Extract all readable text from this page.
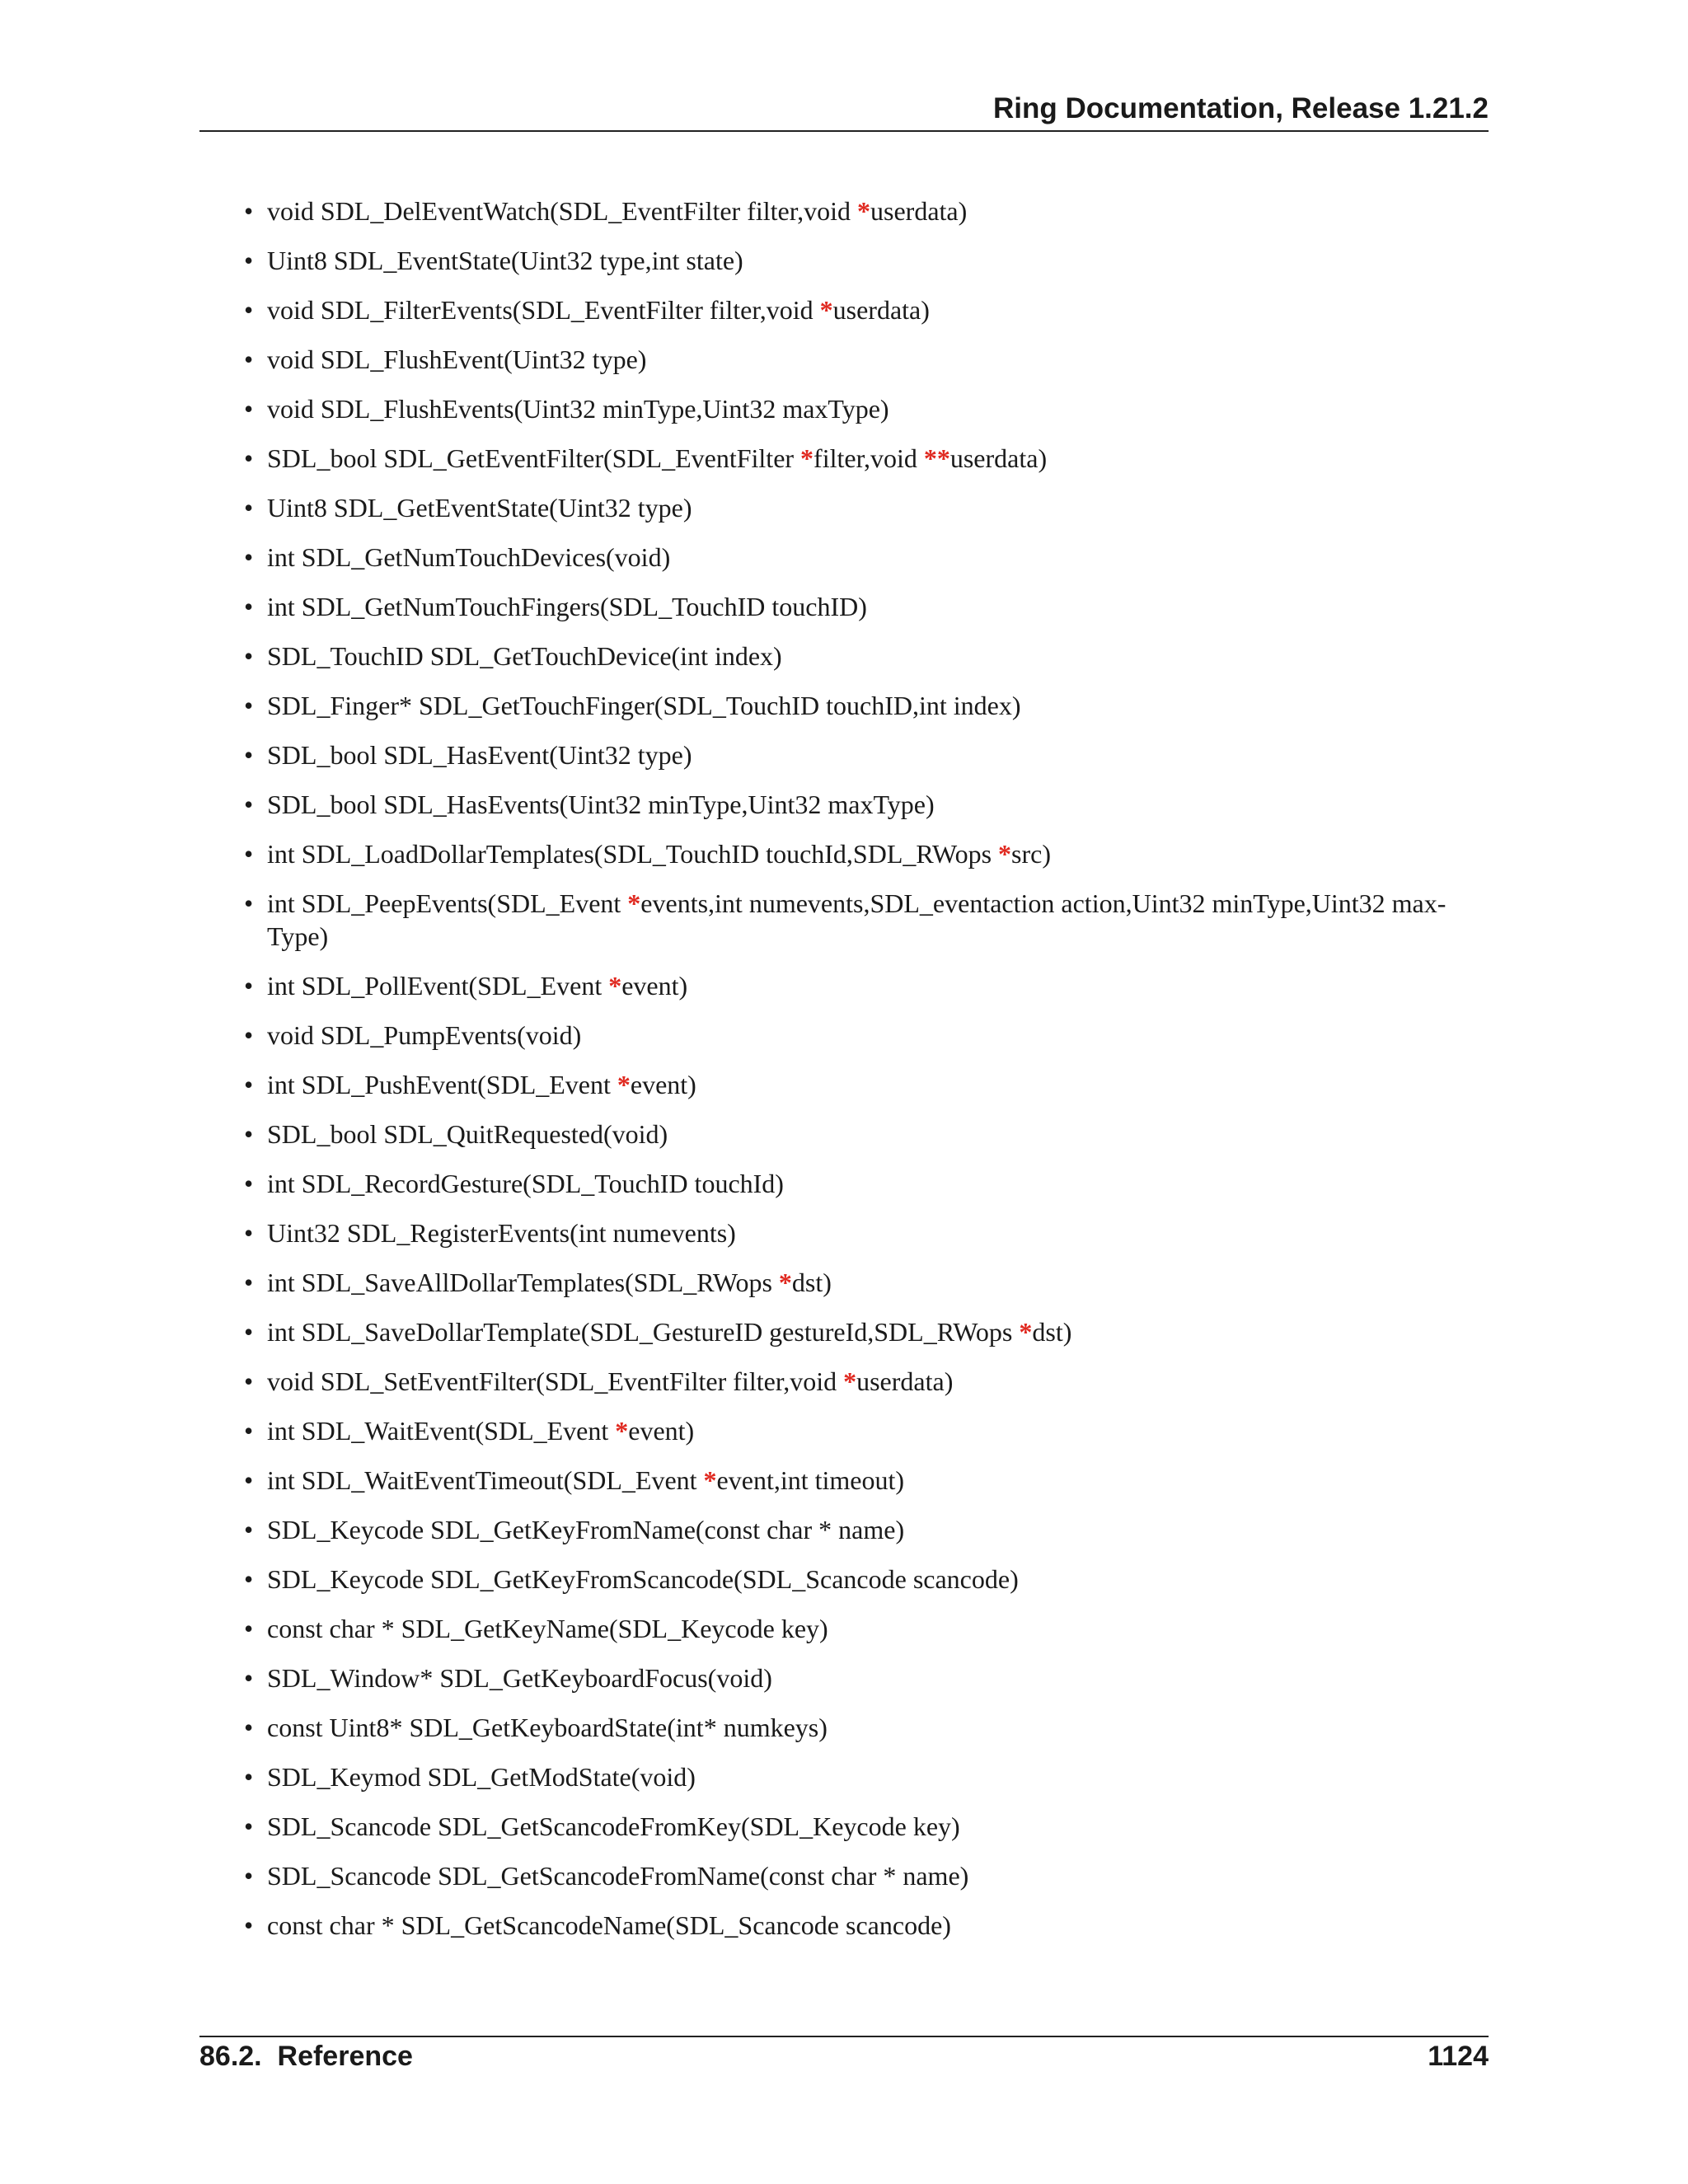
Ring Documentation, Release 1.21.2
• void SDL_DelEventWatch(SDL_EventFilter filter,void *userdata)
• Uint8 SDL_EventState(Uint32 type,int state)
• void SDL_FilterEvents(SDL_EventFilter filter,void *userdata)
• void SDL_FlushEvent(Uint32 type)
• void SDL_FlushEvents(Uint32 minType,Uint32 maxType)
• SDL_bool SDL_GetEventFilter(SDL_EventFilter *filter,void **userdata)
• Uint8 SDL_GetEventState(Uint32 type)
• int SDL_GetNumTouchDevices(void)
• int SDL_GetNumTouchFingers(SDL_TouchID touchID)
• SDL_TouchID SDL_GetTouchDevice(int index)
• SDL_Finger* SDL_GetTouchFinger(SDL_TouchID touchID,int index)
• SDL_bool SDL_HasEvent(Uint32 type)
• SDL_bool SDL_HasEvents(Uint32 minType,Uint32 maxType)
• int SDL_LoadDollarTemplates(SDL_TouchID touchId,SDL_RWops *src)
• int SDL_PeepEvents(SDL_Event *events,int numevents,SDL_eventaction action,Uint32 minType,Uint32 max-Type)
• int SDL_PollEvent(SDL_Event *event)
• void SDL_PumpEvents(void)
• int SDL_PushEvent(SDL_Event *event)
• SDL_bool SDL_QuitRequested(void)
• int SDL_RecordGesture(SDL_TouchID touchId)
• Uint32 SDL_RegisterEvents(int numevents)
• int SDL_SaveAllDollarTemplates(SDL_RWops *dst)
• int SDL_SaveDollarTemplate(SDL_GestureID gestureId,SDL_RWops *dst)
• void SDL_SetEventFilter(SDL_EventFilter filter,void *userdata)
• int SDL_WaitEvent(SDL_Event *event)
• int SDL_WaitEventTimeout(SDL_Event *event,int timeout)
• SDL_Keycode SDL_GetKeyFromName(const char * name)
• SDL_Keycode SDL_GetKeyFromScancode(SDL_Scancode scancode)
• const char * SDL_GetKeyName(SDL_Keycode key)
• SDL_Window* SDL_GetKeyboardFocus(void)
• const Uint8* SDL_GetKeyboardState(int* numkeys)
• SDL_Keymod SDL_GetModState(void)
• SDL_Scancode SDL_GetScancodeFromKey(SDL_Keycode key)
• SDL_Scancode SDL_GetScancodeFromName(const char * name)
• const char * SDL_GetScancodeName(SDL_Scancode scancode)
86.2.  Reference	1124
